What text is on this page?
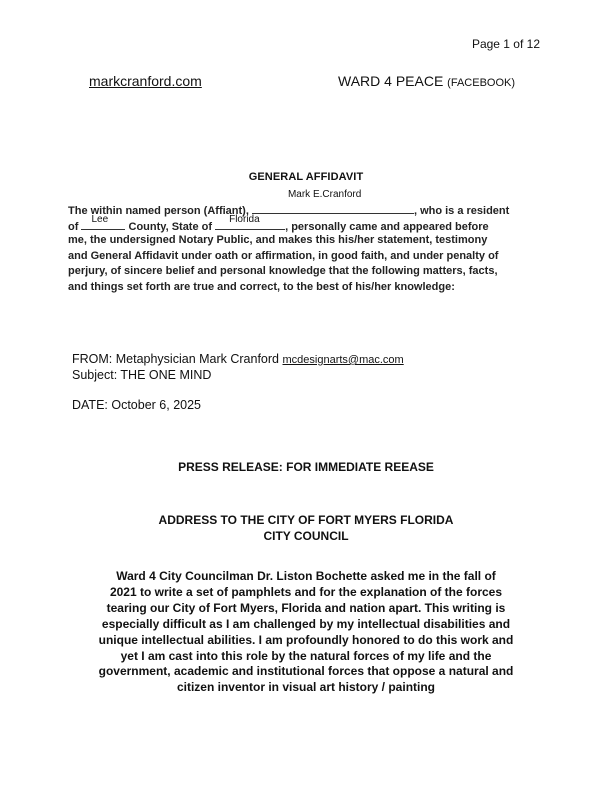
Page 1 of 12
markcranford.com	WARD 4 PEACE (FACEBOOK)
GENERAL AFFIDAVIT
The within named person (Affiant),
Mark E.Cranford
, who is a resident
of
Lee
County, State of
Florida
, personally came and appeared before
me, the undersigned Notary Public, and makes this his/her statement, testimony
and General Affidavit under oath or affirmation, in good faith, and under penalty of
perjury, of sincere belief and personal knowledge that the following matters, facts,
and things set forth are true and correct, to the best of his/her knowledge:
FROM: Metaphysician Mark Cranford mcdesignarts@mac.com
Subject: THE ONE MIND
DATE: October 6, 2025
PRESS RELEASE: FOR IMMEDIATE REEASE
ADDRESS TO THE CITY OF FORT MYERS FLORIDA
CITY COUNCIL
Ward 4 City Councilman Dr. Liston Bochette asked me in the fall of
2021 to write a set of pamphlets and for the explanation of the forces
tearing our City of Fort Myers, Florida and nation apart. This writing is
especially difficult as I am challenged by my intellectual disabilities and
unique intellectual abilities. I am profoundly honored to do this work and
yet I am cast into this role by the natural forces of my life and the
government, academic and institutional forces that oppose a natural and
citizen inventor in visual art history / painting
